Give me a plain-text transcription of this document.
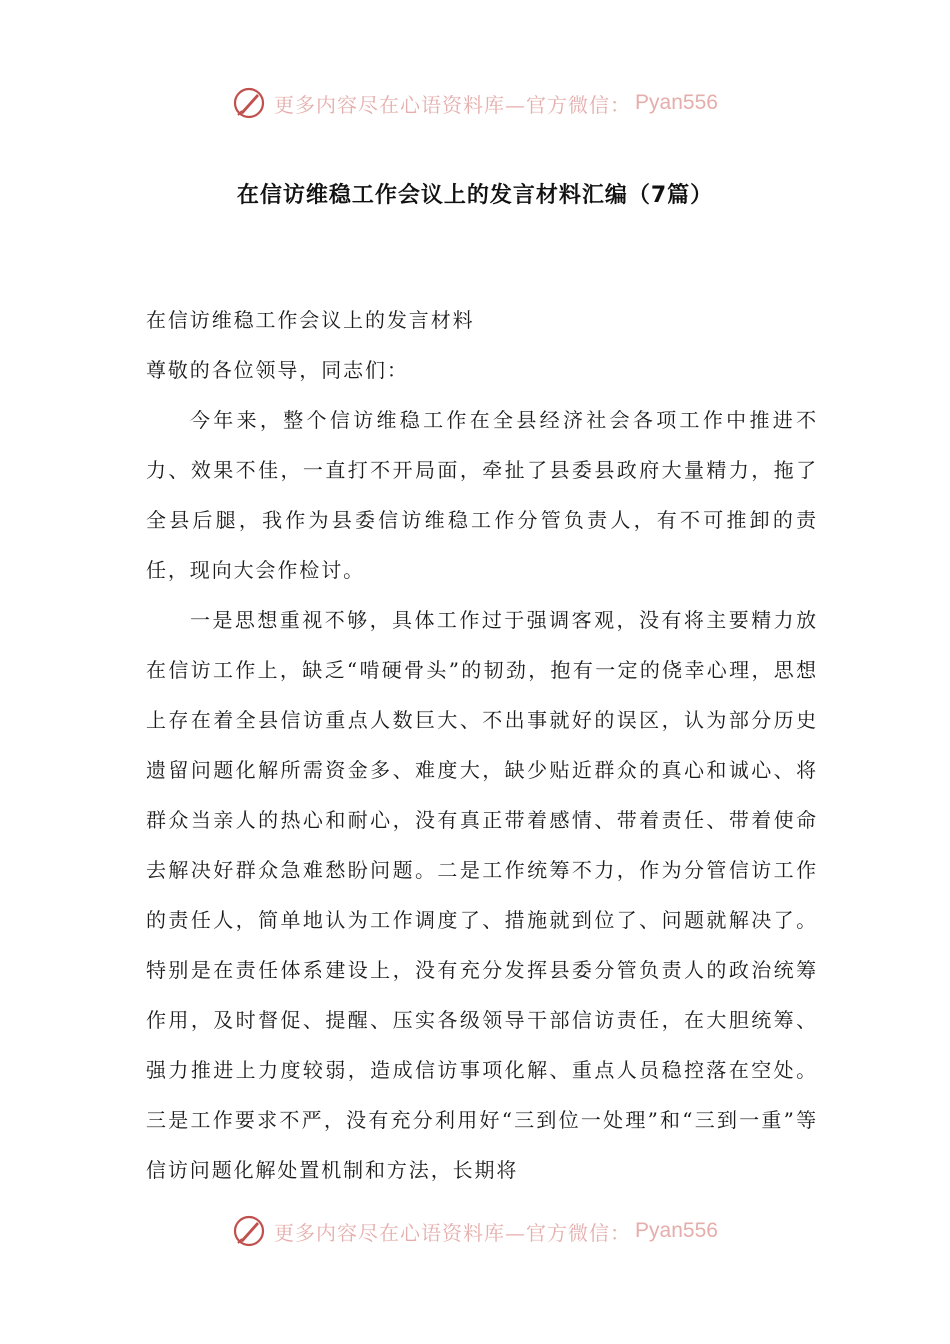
更多内容尽在心语资料库—官方微信： Pyan556
在信访维稳工作会议上的发言材料汇编（7篇）

在信访维稳工作会议上的发言材料

尊敬的各位领导，同志们：

今年来，整个信访维稳工作在全县经济社会各项工作中推进不力、效果不佳，一直打不开局面，牵扯了县委县政府大量精力，拖了全县后腿，我作为县委信访维稳工作分管负责人，有不可推卸的责任，现向大会作检讨。

一是思想重视不够，具体工作过于强调客观，没有将主要精力放在信访工作上，缺乏“啃硬骨头”的韧劲，抱有一定的侥幸心理，思想上存在着全县信访重点人数巨大、不出事就好的误区，认为部分历史遗留问题化解所需资金多、难度大，缺少贴近群众的真心和诚心、将群众当亲人的热心和耐心，没有真正带着感情、带着责任、带着使命去解决好群众急难愁盼问题。二是工作统筹不力，作为分管信访工作的责任人，简单地认为工作调度了、措施就到位了、问题就解决了。特别是在责任体系建设上，没有充分发挥县委分管负责人的政治统筹作用，及时督促、提醒、压实各级领导干部信访责任，在大胆统筹、强力推进上力度较弱，造成信访事项化解、重点人员稳控落在空处。三是工作要求不严，没有充分利用好“三到位一处理”和“三到一重”等信访问题化解处置机制和方法，长期将

更多内容尽在心语资料库—官方微信： Pyan556
